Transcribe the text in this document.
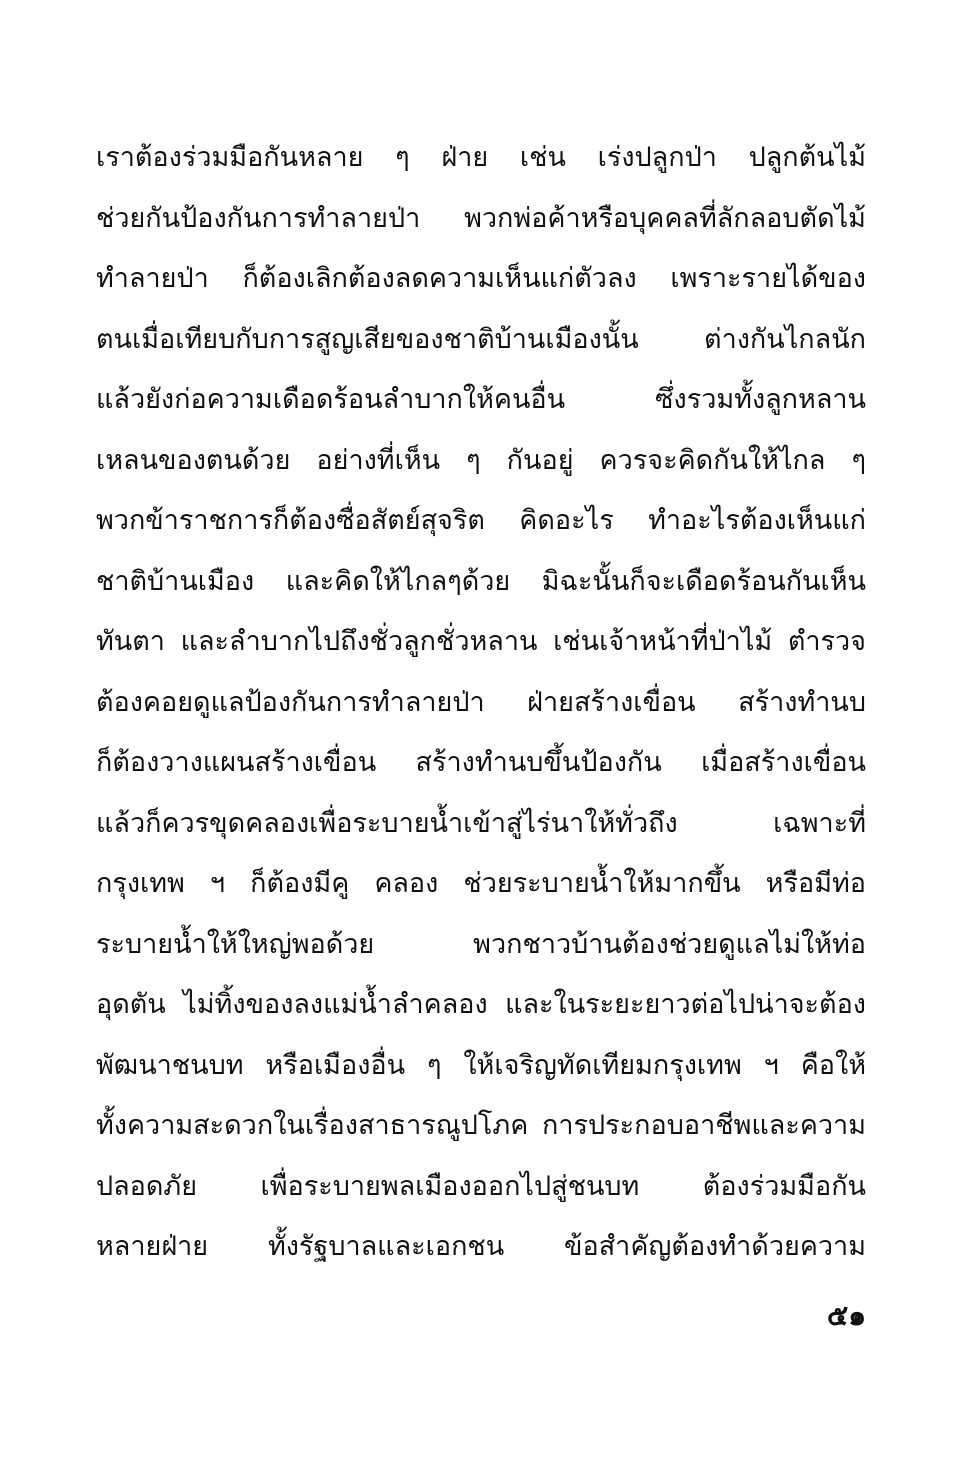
เราต้องร่วมมือกันหลาย ๆ ฝ่าย เช่น เร่งปลูกป่า ปลูกต้นไม้
ช่วยกันป้องกันการทำลายป่า พวกพ่อค้าหรือบุคคลที่ลักลอบตัดไม้
ทำลายป่า ก็ต้องเลิกต้องลดความเห็นแก่ตัวลง เพราะรายได้ของ
ตนเมื่อเทียบกับการสูญเสียของชาติบ้านเมืองนั้น ต่างกันไกลนัก
แล้วยังก่อความเดือดร้อนลำบากให้คนอื่น ซึ่งรวมทั้งลูกหลาน
เหลนของตนด้วย อย่างที่เห็น ๆ กันอยู่ ควรจะคิดกันให้ไกล ๆ
พวกข้าราชการก็ต้องซื่อสัตย์สุจริต คิดอะไร ทำอะไรต้องเห็นแก่
ชาติบ้านเมือง และคิดให้ไกลๆด้วย มิฉะนั้นก็จะเดือดร้อนกันเห็น
ทันตา และลำบากไปถึงชั่วลูกชั่วหลาน เช่นเจ้าหน้าที่ป่าไม้ ตำรวจ
ต้องคอยดูแลป้องกันการทำลายป่า ฝ่ายสร้างเขื่อน สร้างทำนบ
ก็ต้องวางแผนสร้างเขื่อน สร้างทำนบขึ้นป้องกัน เมื่อสร้างเขื่อน
แล้วก็ควรขุดคลองเพื่อระบายน้ำเข้าสู่ไร่นาให้ทั่วถึง เฉพาะที่
กรุงเทพ ฯ ก็ต้องมีคู คลอง ช่วยระบายน้ำให้มากขึ้น หรือมีท่อ
ระบายน้ำให้ใหญ่พอด้วย พวกชาวบ้านต้องช่วยดูแลไม่ให้ท่อ
อุดตัน ไม่ทิ้งของลงแม่น้ำลำคลอง และในระยะยาวต่อไปน่าจะต้อง
พัฒนาชนบท หรือเมืองอื่น ๆ ให้เจริญทัดเทียมกรุงเทพ ฯ คือให้
ทั้งความสะดวกในเรื่องสาธารณูปโภค การประกอบอาชีพและความ
ปลอดภัย เพื่อระบายพลเมืองออกไปสู่ชนบท ต้องร่วมมือกัน
หลายฝ่าย ทั้งรัฐบาลและเอกชน ข้อสำคัญต้องทำด้วยความ
๕๑
